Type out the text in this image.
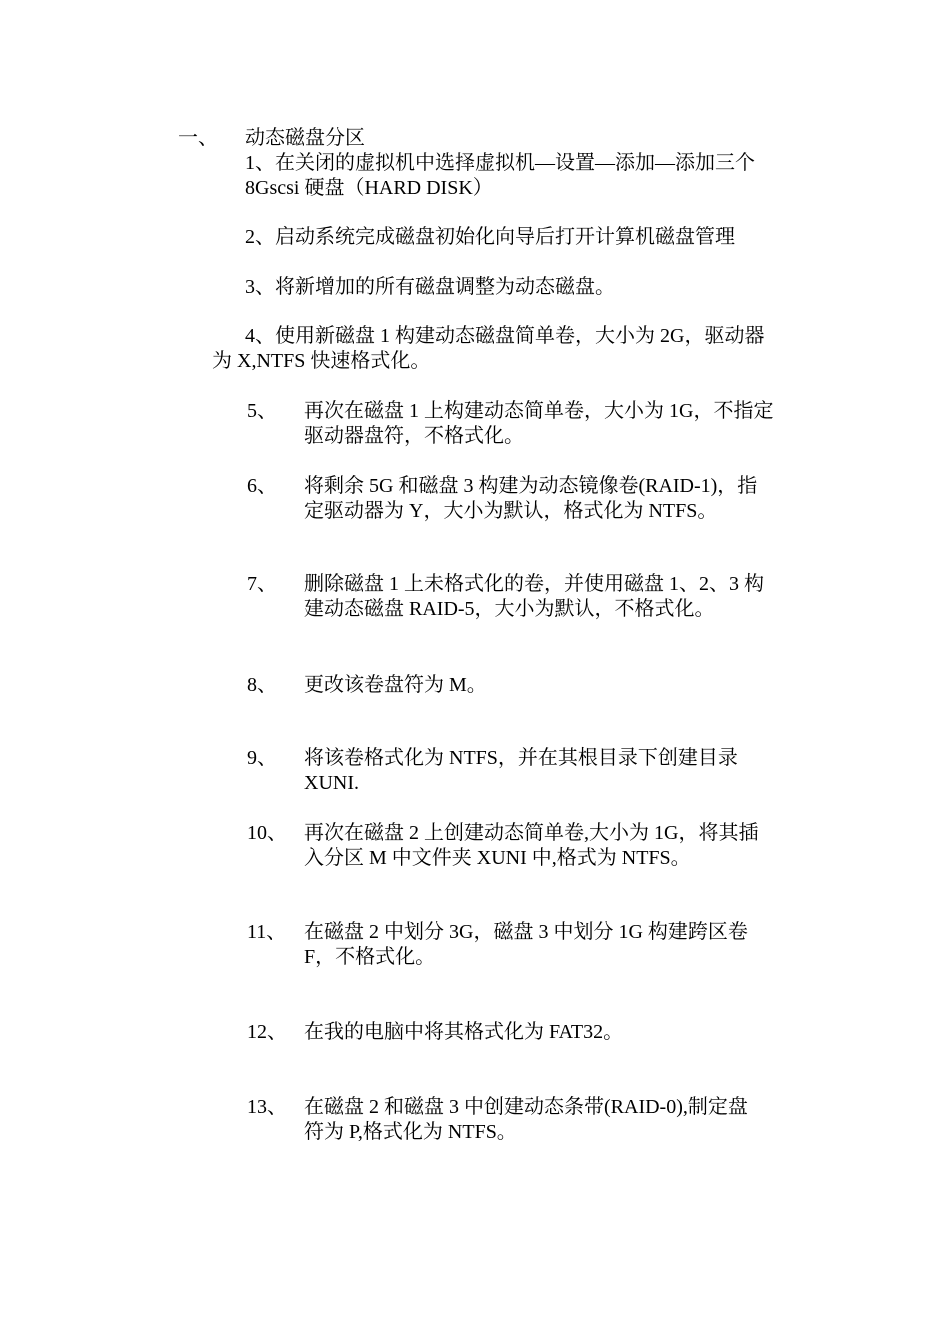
一、 动态磁盘分区
1、在关闭的虚拟机中选择虚拟机—设置—添加—添加三个
8Gscsi 硬盘（HARD DISK）
2、启动系统完成磁盘初始化向导后打开计算机磁盘管理
3、将新增加的所有磁盘调整为动态磁盘。
4、使用新磁盘 1 构建动态磁盘简单卷，大小为 2G，驱动器
为 X,NTFS 快速格式化。
5、 再次在磁盘 1 上构建动态简单卷，大小为 1G，不指定
驱动器盘符，不格式化。
6、 将剩余 5G 和磁盘 3 构建为动态镜像卷(RAID-1)，指
定驱动器为 Y，大小为默认，格式化为 NTFS。
7、 删除磁盘 1 上未格式化的卷，并使用磁盘 1、2、3 构
建动态磁盘 RAID-5，大小为默认，不格式化。
8、 更改该卷盘符为 M。
9、 将该卷格式化为 NTFS，并在其根目录下创建目录
XUNI.
10、 再次在磁盘 2 上创建动态简单卷,大小为 1G，将其插
入分区 M 中文件夹 XUNI 中,格式为 NTFS。
11、 在磁盘 2 中划分 3G，磁盘 3 中划分 1G 构建跨区卷
F，不格式化。
12、 在我的电脑中将其格式化为 FAT32。
13、 在磁盘 2 和磁盘 3 中创建动态条带(RAID-0),制定盘
符为 P,格式化为 NTFS。
